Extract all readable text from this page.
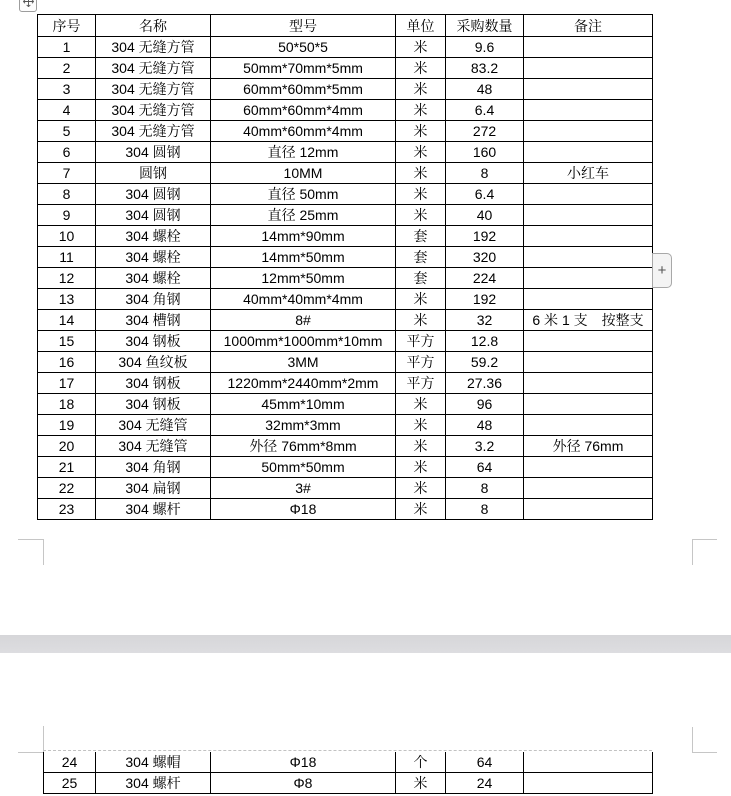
序号	名称	型号	单位	采购数量	备注
1	304 无缝方管	50*50*5	米	9.6	
2	304 无缝方管	50mm*70mm*5mm	米	83.2	
3	304 无缝方管	60mm*60mm*5mm	米	48	
4	304 无缝方管	60mm*60mm*4mm	米	6.4	
5	304 无缝方管	40mm*60mm*4mm	米	272	
6	304 圆钢	直径 12mm	米	160	
7	圆钢	10MM	米	8	小红车
8	304 圆钢	直径 50mm	米	6.4	
9	304 圆钢	直径 25mm	米	40	
10	304 螺栓	14mm*90mm	套	192	
11	304 螺栓	14mm*50mm	套	320	
12	304 螺栓	12mm*50mm	套	224	
13	304 角钢	40mm*40mm*4mm	米	192	
14	304 槽钢	8#	米	32	6 米 1 支　按整支
15	304 钢板	1000mm*1000mm*10mm	平方	12.8	
16	304 鱼纹板	3MM	平方	59.2	
17	304 钢板	1220mm*2440mm*2mm	平方	27.36	
18	304 钢板	45mm*10mm	米	96	
19	304 无缝管	32mm*3mm	米	48	
20	304 无缝管	外径 76mm*8mm	米	3.2	外径 76mm
21	304 角钢	50mm*50mm	米	64	
22	304 扁钢	3#	米	8	
23	304 螺杆	Φ18	米	8	
+
24	304 螺帽	Φ18	个	64	
25	304 螺杆	Φ8	米	24	
